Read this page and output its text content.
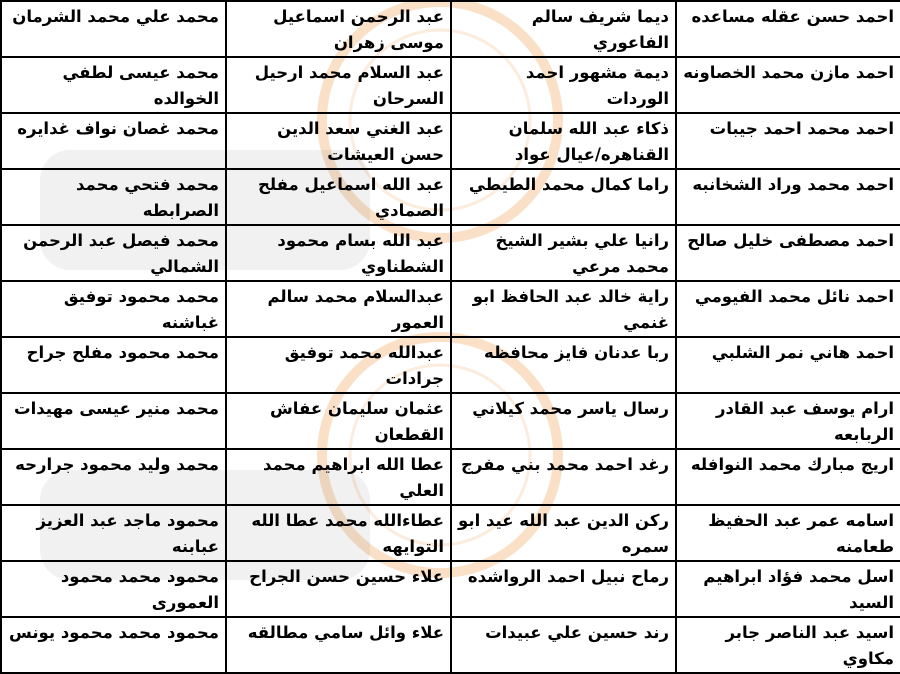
احمد حسن عقله مساعده	ديما شريف سالم الفاعوري	عبد الرحمن اسماعيل موسى زهران	محمد علي محمد الشرمان
احمد مازن محمد الخصاونه	ديمة مشهور احمد الوردات	عبد السلام محمد ارحيل السرحان	محمد عيسى لطفي الخوالده
احمد محمد احمد جيبات	ذكاء عبد الله سلمان القناهره/عيال عواد	عبد الغني سعد الدين حسن العيشات	محمد غصان نواف غدايره
احمد محمد وراد الشخانبه	راما كمال محمد الطيطي	عبد الله اسماعيل مفلح الصمادي	محمد فتحي محمد الصرابطه
احمد مصطفى خليل صالح	رانيا علي بشير الشيخ محمد مرعي	عبد الله بسام محمود الشطناوي	محمد فيصل عبد الرحمن الشمالي
احمد نائل محمد الفيومي	راية خالد عبد الحافظ ابو غنمي	عبدالسلام محمد سالم العمور	محمد محمود توفيق غباشنه
احمد هاني نمر الشلبي	ربا عدنان فايز محافظه	عبدالله محمد توفيق جرادات	محمد محمود مفلح جراح
ارام يوسف عبد القادر الربابعه	رسال ياسر محمد كيلاني	عثمان سليمان عفاش القطعان	محمد منير عيسى مهيدات
اريج مبارك محمد النوافله	رغد احمد محمد بني مفرج	عطا الله ابراهيم محمد العلي	محمد وليد محمود جرارحه
اسامه عمر عبد الحفيظ طعامنه	ركن الدين عبد الله عيد ابو سمره	عطاءالله محمد عطا الله التوايهه	محمود ماجد عبد العزيز عبابنه
اسل محمد فؤاد ابراهيم السيد	رماح نبيل احمد الرواشده	علاء حسين حسن الجراح	محمود محمد محمود العموری
اسيد عبد الناصر جابر مكاوي	رند حسين علي عبيدات	علاء وائل سامي مطالقه	محمود محمد محمود يونس
